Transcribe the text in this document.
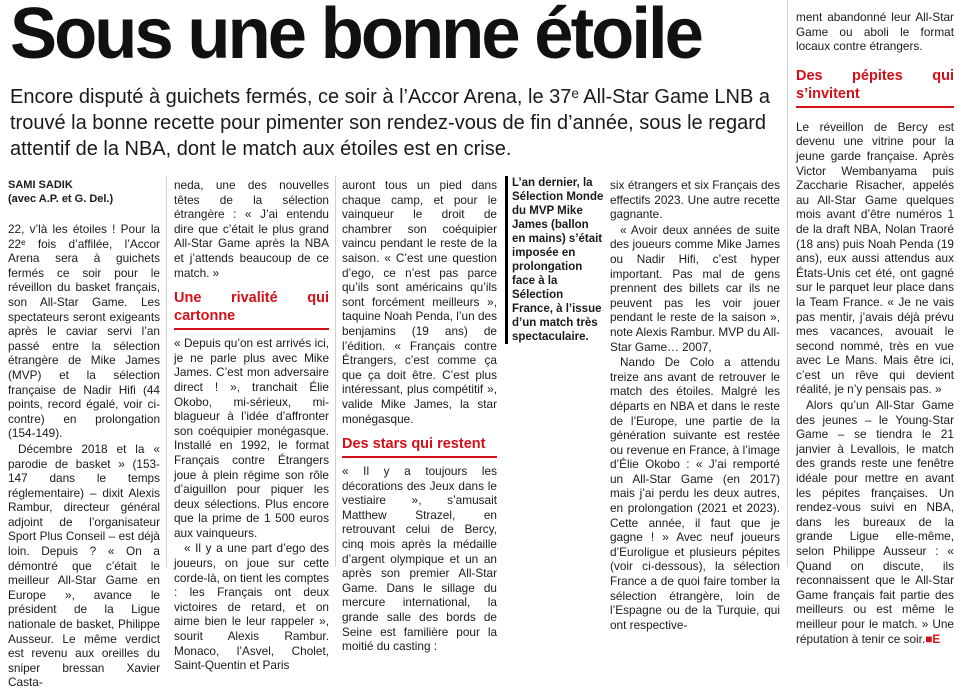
Sous une bonne étoile
Encore disputé à guichets fermés, ce soir à l’Accor Arena, le 37ᵉ All-Star Game LNB a trouvé la bonne recette pour pimenter son rendez-vous de fin d’année, sous le regard attentif de la NBA, dont le match aux étoiles est en crise.
SAMI SADIK
(avec A.P. et G. Del.)

22, v’là les étoiles ! Pour la 22ᵉ fois d’affilée, l’Accor Arena sera à guichets fermés ce soir pour le réveillon du basket français, son All-Star Game. Les spectateurs seront exigeants après le caviar servi l’an passé entre la sélection étrangère de Mike James (MVP) et la sélection française de Nadir Hifi (44 points, record égalé, voir ci-contre) en prolongation (154-149).

Décembre 2018 et la « parodie de basket » (153-147 dans le temps réglementaire) – dixit Alexis Rambur, directeur général adjoint de l’organisateur Sport Plus Conseil – est déjà loin. Depuis ? « On a démontré que c’était le meilleur All-Star Game en Europe », avance le président de la Ligue nationale de basket, Philippe Ausseur. Le même verdict est revenu aux oreilles du sniper bressan Xavier Casta-

neda, une des nouvelles têtes de la sélection étrangère : « J’ai entendu dire que c’était le plus grand All-Star Game après la NBA et j’attends beaucoup de ce match. »

Une rivalité qui cartonne

« Depuis qu’on est arrivés ici, je ne parle plus avec Mike James. C’est mon adversaire direct ! », tranchait Élie Okobo, mi-sérieux, mi-blagueur à l’idée d’affronter son coéquipier monégasque. Installé en 1992, le format Français contre Étrangers joue à plein régime son rôle d’aiguillon pour piquer les deux sélections. Plus encore que la prime de 1 500 euros aux vainqueurs.

« Il y a une part d’ego des joueurs, on joue sur cette corde-là, on tient les comptes : les Français ont deux victoires de retard, et on aime bien le leur rappeler », sourit Alexis Rambur. Monaco, l’Asvel, Cholet, Saint-Quentin et Paris

auront tous un pied dans chaque camp, et pour le vainqueur le droit de chambrer son coéquipier vaincu pendant le reste de la saison. « C’est une question d’ego, ce n’est pas parce qu’ils sont américains qu’ils sont forcément meilleurs », taquine Noah Penda, l’un des benjamins (19 ans) de l’édition. « Français contre Étrangers, c’est comme ça que ça doit être. C’est plus intéressant, plus compétitif », valide Mike James, la star monégasque.

Des stars qui restent

« Il y a toujours les décorations des Jeux dans le vestiaire », s’amusait Matthew Strazel, en retrouvant celui de Bercy, cinq mois après la médaille d’argent olympique et un an après son premier All-Star Game. Dans le sillage du mercure international, la grande salle des bords de Seine est familière pour la moitié du casting :

L’an dernier, la Sélection Monde du MVP Mike James (ballon en mains) s’était imposée en prolongation face à la Sélection France, à l’issue d’un match très spectaculaire.

six étrangers et six Français des effectifs 2023. Une autre recette gagnante.

« Avoir deux années de suite des joueurs comme Mike James ou Nadir Hifi, c’est hyper important. Pas mal de gens prennent des billets car ils ne peuvent pas les voir jouer pendant le reste de la saison », note Alexis Rambur. MVP du All-Star Game… 2007,

Nando De Colo a attendu treize ans avant de retrouver le match des étoiles. Malgré les départs en NBA et dans le reste de l’Europe, une partie de la génération suivante est restée ou revenue en France, à l’image d’Élie Okobo : « J’ai remporté un All-Star Game (en 2017) mais j’ai perdu les deux autres, en prolongation (2021 et 2023). Cette année, il faut que je gagne ! » Avec neuf joueurs d’Euroligue et plusieurs pépites (voir ci-dessous), la sélection France a de quoi faire tomber la sélection étrangère, loin de l’Espagne ou de la Turquie, qui ont respective-

ment abandonné leur All-Star Game ou aboli le format locaux contre étrangers.

Des pépites qui s’invitent

Le réveillon de Bercy est devenu une vitrine pour la jeune garde française. Après Victor Wembanyama puis Zaccharie Risacher, appelés au All-Star Game quelques mois avant d’être numéros 1 de la draft NBA, Nolan Traoré (18 ans) puis Noah Penda (19 ans), eux aussi attendus aux États-Unis cet été, ont gagné sur le parquet leur place dans la Team France. « Je ne vais pas mentir, j’avais déjà prévu mes vacances, avouait le second nommé, très en vue avec Le Mans. Mais être ici, c’est un rêve qui devient réalité, je n’y pensais pas. »

Alors qu’un All-Star Game des jeunes – le Young-Star Game – se tiendra le 21 janvier à Levallois, le match des grands reste une fenêtre idéale pour mettre en avant les pépites françaises. Un rendez-vous suivi en NBA, dans les bureaux de la grande Ligue elle-même, selon Philippe Ausseur : « Quand on discute, ils reconnaissent que le All-Star Game français fait partie des meilleurs ou est même le meilleur pour le match. » Une réputation à tenir ce soir.■E
